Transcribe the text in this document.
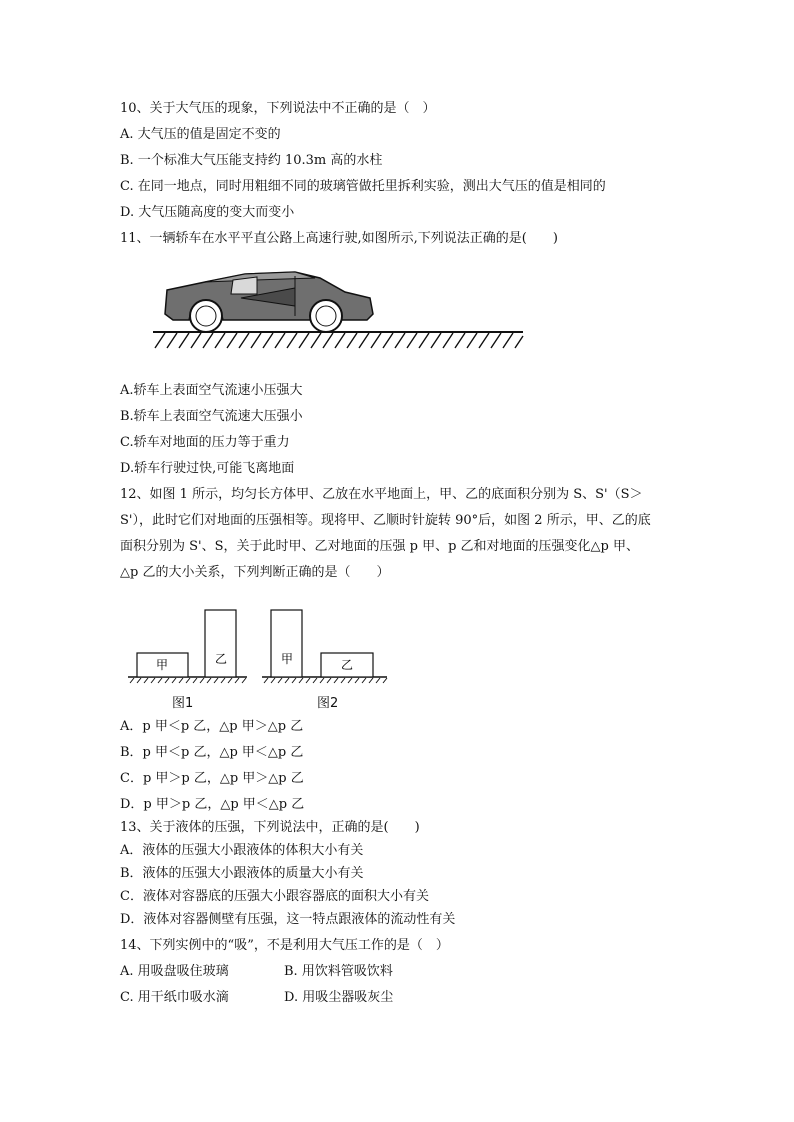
10、关于大气压的现象，下列说法中不正确的是（　）
A. 大气压的值是固定不变的
B. 一个标准大气压能支持约 10.3m 高的水柱
C. 在同一地点，同时用粗细不同的玻璃管做托里拆利实验，测出大气压的值是相同的
D. 大气压随高度的变大而变小
11、一辆轿车在水平平直公路上高速行驶,如图所示,下列说法正确的是(　　)
A.轿车上表面空气流速小压强大
B.轿车上表面空气流速大压强小
C.轿车对地面的压力等于重力
D.轿车行驶过快,可能飞离地面
12、如图 1 所示，均匀长方体甲、乙放在水平地面上，甲、乙的底面积分别为 S、S'（S＞
S'），此时它们对地面的压强相等。现将甲、乙顺时针旋转 90°后，如图 2 所示，甲、乙的底
面积分别为 S'、S，关于此时甲、乙对地面的压强 p 甲、p 乙和对地面的压强变化△p 甲、
△p 乙的大小关系，下列判断正确的是（　　）
甲	乙	甲	乙
图1	图2
A．p 甲＜p 乙，△p 甲＞△p 乙
B．p 甲＜p 乙，△p 甲＜△p 乙
C．p 甲＞p 乙，△p 甲＞△p 乙
D．p 甲＞p 乙，△p 甲＜△p 乙
13、关于液体的压强，下列说法中，正确的是(　　)
A．液体的压强大小跟液体的体积大小有关
B．液体的压强大小跟液体的质量大小有关
C．液体对容器底的压强大小跟容器底的面积大小有关
D．液体对容器侧壁有压强，这一特点跟液体的流动性有关
14、下列实例中的“吸”，不是利用大气压工作的是（　）
A. 用吸盘吸住玻璃	B. 用饮料管吸饮料
C. 用干纸巾吸水滴	D. 用吸尘器吸灰尘
